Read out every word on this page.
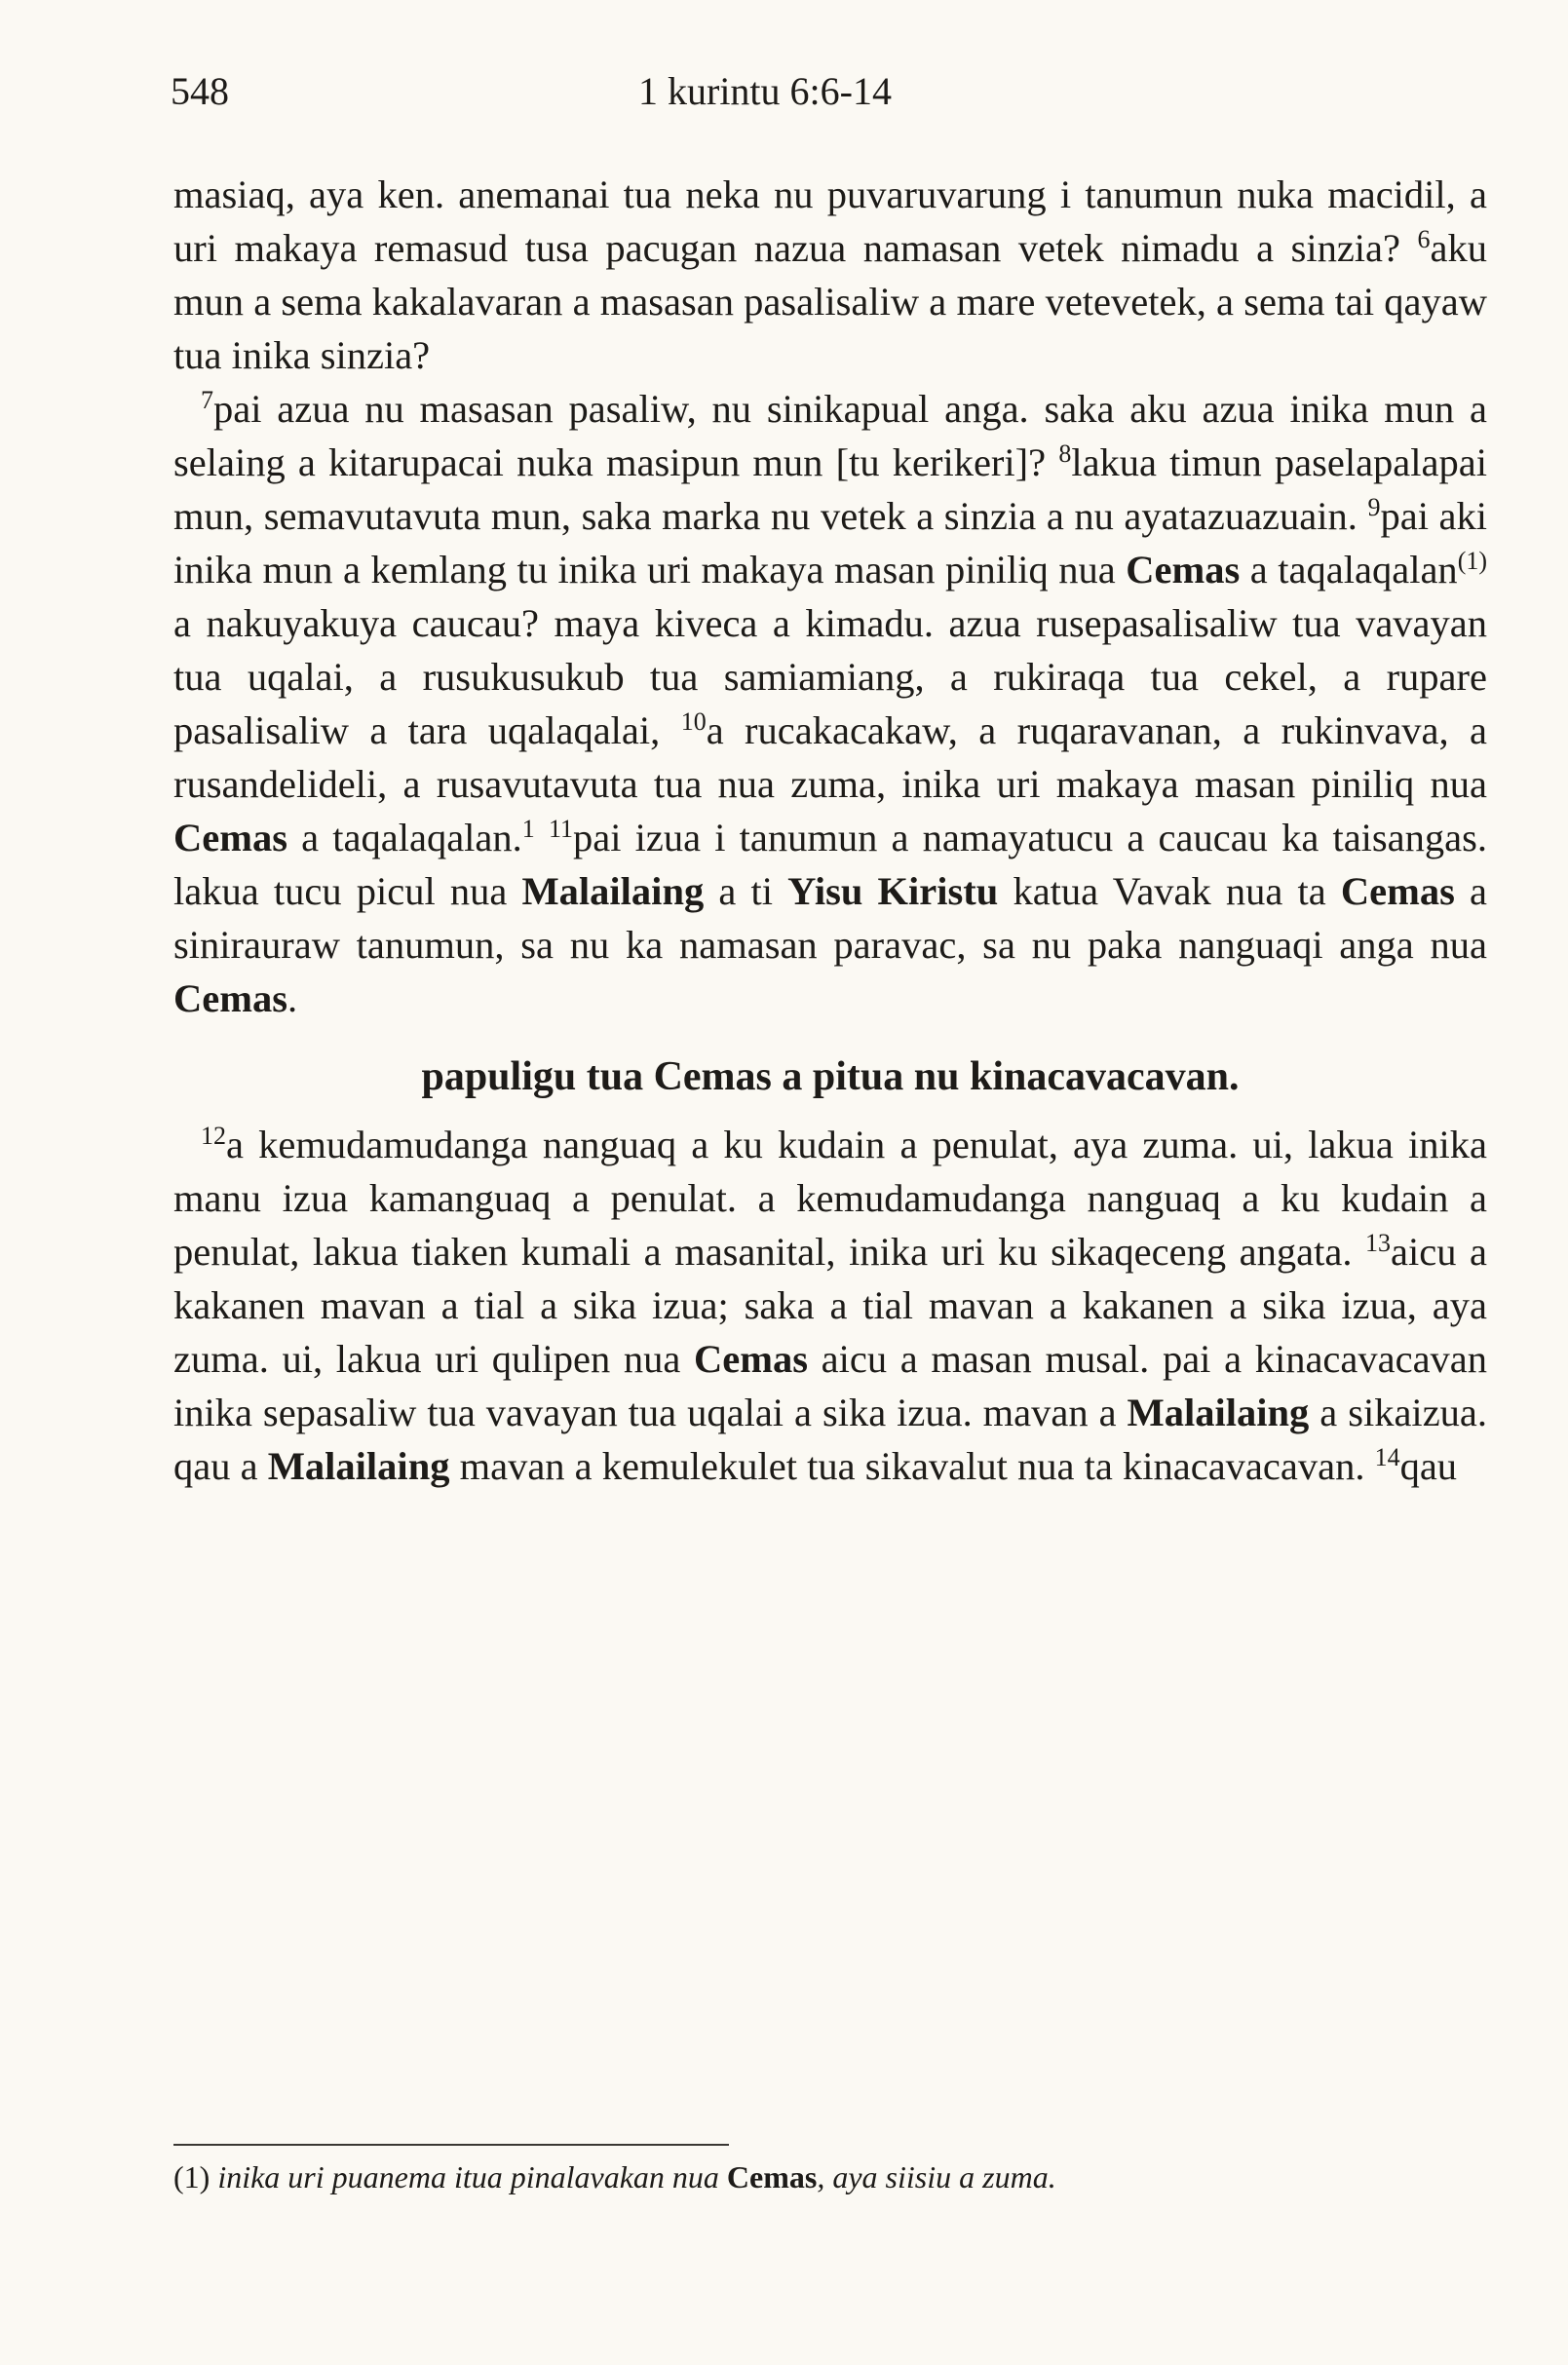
548	1 kurintu 6:6-14

masiaq, aya ken. anemanai tua neka nu puvaruvarung i tanumun nuka macidil, a uri makaya remasud tusa pacugan nazua namasan vetek nimadu a sinzia? $^6$aku mun a sema kakalavaran a masasan pasalisaliw a mare vetevetek, a sema tai qayaw tua inika sinzia?

$^7$pai azua nu masasan pasaliw, nu sinikapual anga. saka aku azua inika mun a selaing a kitarupacai nuka masipun mun [tu kerikeri]? $^8$lakua timun paselapalapai mun, semavutavuta mun, saka marka nu vetek a sinzia a nu ayatazuazuain. $^9$pai aki inika mun a kemlang tu inika uri makaya masan piniliq nua Cemas a taqalaqalan$^{(1)}$ a nakuyakuya caucau? maya kiveca a kimadu. azua rusepasalisaliw tua vavayan tua uqalai, a rusukusukub tua samiamiang, a rukiraqa tua cekel, a rupare pasalisaliw a tara uqalaqalai, $^{10}$a rucakacakaw, a ruqaravanan, a rukinvava, a rusandelideli, a rusavutavuta tua nua zuma, inika uri makaya masan piniliq nua Cemas a taqalaqalan.$^1$ $^{11}$pai izua i tanumun a namayatucu a caucau ka taisangas. lakua tucu picul nua Malailaing a ti Yisu Kiristu katua Vavak nua ta Cemas a sinirauraw tanumun, sa nu ka namasan paravac, sa nu paka nanguaqi anga nua Cemas.

papuligu tua Cemas a pitua nu kinacavacavan.

$^{12}$a kemudamudanga nanguaq a ku kudain a penulat, aya zuma. ui, lakua inika manu izua kamanguaq a penulat. a kemudamudanga nanguaq a ku kudain a penulat, lakua tiaken kumali a masanital, inika uri ku sikaqeceng angata. $^{13}$aicu a kakanen mavan a tial a sika izua; saka a tial mavan a kakanen a sika izua, aya zuma. ui, lakua uri qulipen nua Cemas aicu a masan musal. pai a kinacavacavan inika sepasaliw tua vavayan tua uqalai a sika izua. mavan a Malailaing a sikaizua. qau a Malailaing mavan a kemulekulet tua sikavalut nua ta kinacavacavan. $^{14}$qau

(1) inika uri puanema itua pinalavakan nua Cemas, aya siisiu a zuma.
